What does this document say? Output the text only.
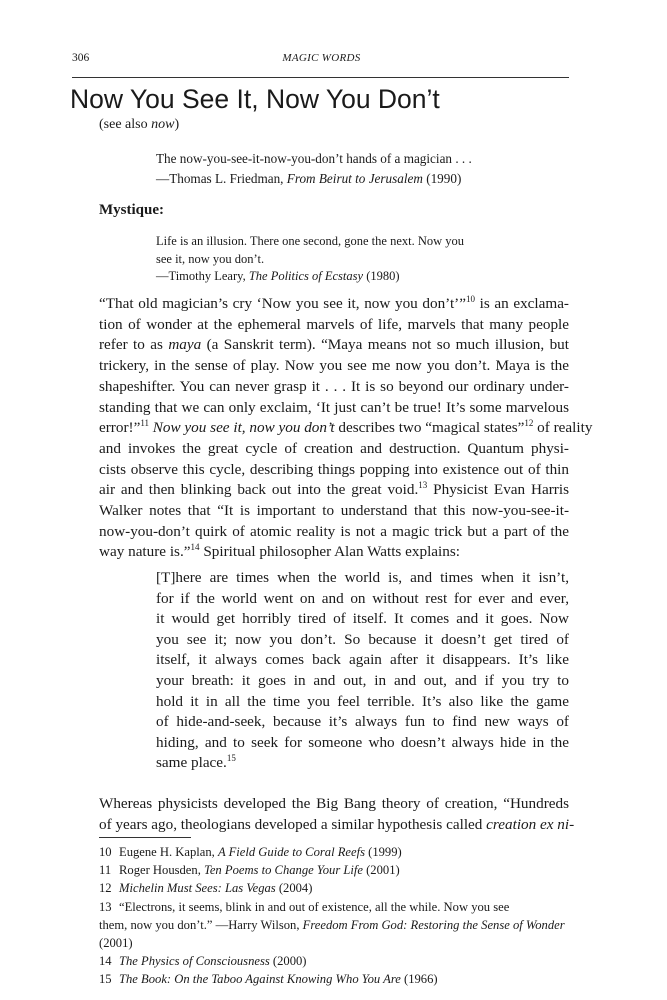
306	MAGIC WORDS
Now You See It, Now You Don’t
(see also now)
The now-you-see-it-now-you-don’t hands of a magician . . .
—Thomas L. Friedman, From Beirut to Jerusalem (1990)
Mystique:
Life is an illusion. There one second, gone the next. Now you
see it, now you don’t.
—Timothy Leary, The Politics of Ecstasy (1980)
“That old magician’s cry ‘Now you see it, now you don’t’”$^{10}$ is an exclama-
tion of wonder at the ephemeral marvels of life, marvels that many people
refer to as maya (a Sanskrit term). “Maya means not so much illusion, but
trickery, in the sense of play. Now you see me now you don’t. Maya is the
shapeshifter. You can never grasp it . . . It is so beyond our ordinary under-
standing that we can only exclaim, ‘It just can’t be true! It’s some marvelous
error!”$^{11}$ Now you see it, now you don’t describes two “magical states”$^{12}$ of reality
and invokes the great cycle of creation and destruction. Quantum physi-
cists observe this cycle, describing things popping into existence out of thin
air and then blinking back out into the great void.$^{13}$ Physicist Evan Harris
Walker notes that “It is important to understand that this now-you-see-it-
now-you-don’t quirk of atomic reality is not a magic trick but a part of the
way nature is.”$^{14}$ Spiritual philosopher Alan Watts explains:
[T]here are times when the world is, and times when it isn’t,
for if the world went on and on without rest for ever and ever,
it would get horribly tired of itself. It comes and it goes. Now
you see it; now you don’t. So because it doesn’t get tired of
itself, it always comes back again after it disappears. It’s like
your breath: it goes in and out, in and out, and if you try to
hold it in all the time you feel terrible. It’s also like the game
of hide-and-seek, because it’s always fun to find new ways of
hiding, and to seek for someone who doesn’t always hide in the
same place.$^{15}$
Whereas physicists developed the Big Bang theory of creation, “Hundreds
of years ago, theologians developed a similar hypothesis called creation ex ni-
10 Eugene H. Kaplan, A Field Guide to Coral Reefs (1999)
11 Roger Housden, Ten Poems to Change Your Life (2001)
12 Michelin Must Sees: Las Vegas (2004)
13 “Electrons, it seems, blink in and out of existence, all the while. Now you see
them, now you don’t.” —Harry Wilson, Freedom From God: Restoring the Sense of Wonder
(2001)
14 The Physics of Consciousness (2000)
15 The Book: On the Taboo Against Knowing Who You Are (1966)
